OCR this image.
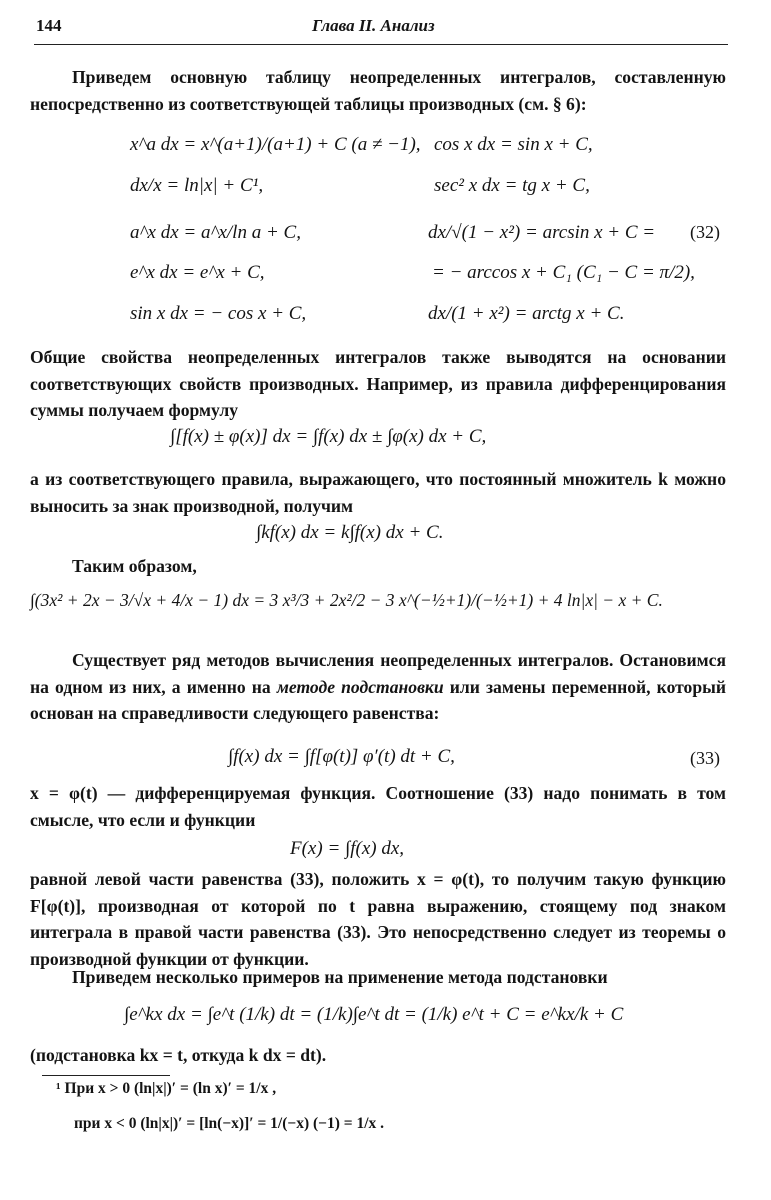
144	Глава II. Анализ
Приведем основную таблицу неопределенных интегралов, составленную непосредственно из соответствующей таблицы производных (см. § 6):
x^a dx = x^(a+1)/(a+1) + C (a ≠ −1),
dx/x = ln|x| + C¹,
a^x dx = a^x/ln a + C,
e^x dx = e^x + C,
sin x dx = − cos x + C,
cos x dx = sin x + C,
sec² x dx = tg x + C,
dx/√(1 − x²) = arcsin x + C = (32)
= − arccos x + C₁ (C₁ − C = π/2),
dx/(1 + x²) = arctg x + C.
Общие свойства неопределенных интегралов также выводятся на основании соответствующих свойств производных. Например, из правила дифференцирования суммы получаем формулу
∫[f(x) ± φ(x)] dx = ∫f(x) dx ± ∫φ(x) dx + C,
а из соответствующего правила, выражающего, что постоянный множитель k можно выносить за знак производной, получим
∫kf(x) dx = k∫f(x) dx + C.
Таким образом,
∫(3x² + 2x − 3/√x + 4/x − 1) dx = 3 x³/3 + 2x²/2 − 3 x^(−½+1)/(−½+1) + 4 ln|x| − x + C.
Существует ряд методов вычисления неопределенных интегралов. Остановимся на одном из них, а именно на методе подстановки или замены переменной, который основан на справедливости следующего равенства:
∫f(x) dx = ∫f[φ(t)] φ′(t) dt + C,	(33)
x = φ(t) — дифференцируемая функция. Соотношение (33) надо понимать в том смысле, что если и функции
F(x) = ∫f(x) dx,
равной левой части равенства (33), положить x = φ(t), то получим такую функцию F[φ(t)], производная от которой по t равна выражению, стоящему под знаком интеграла в правой части равенства (33). Это непосредственно следует из теоремы о производной функции от функции.
Приведем несколько примеров на применение метода подстановки
∫e^kx dx = ∫e^t (1/k) dt = (1/k)∫e^t dt = (1/k) e^t + C = e^kx/k + C
(подстановка kx = t, откуда k dx = dt).
¹ При x > 0 (ln|x|)′ = (ln x)′ = 1/x ,
при x < 0 (ln|x|)′ = [ln(−x)]′ = 1/(−x) (−1) = 1/x .
